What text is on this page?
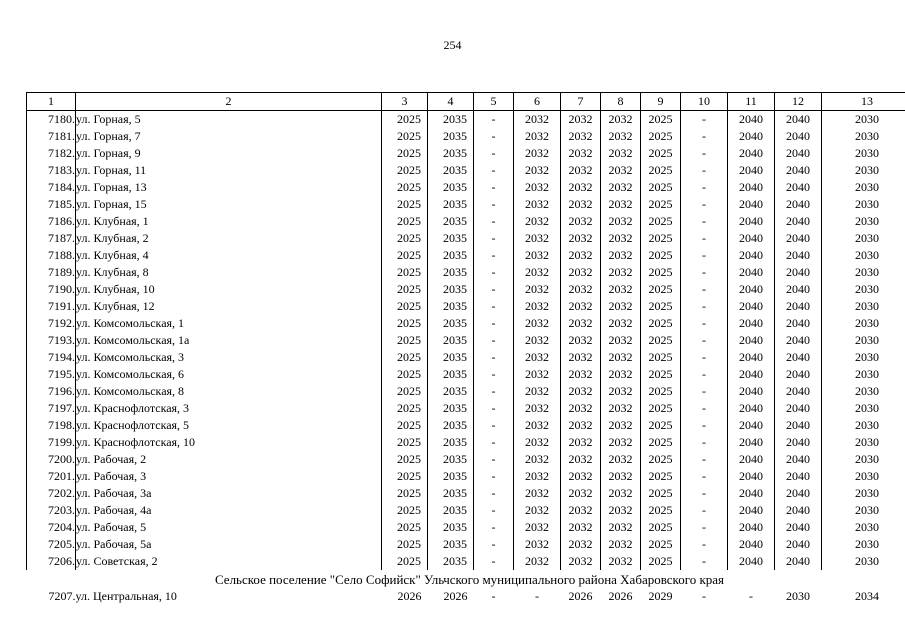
254
1	2	3	4	5	6	7	8	9	10	11	12	13
7180.	ул. Горная, 5	2025	2035	-	2032	2032	2032	2025	-	2040	2040	2030
7181.	ул. Горная, 7	2025	2035	-	2032	2032	2032	2025	-	2040	2040	2030
7182.	ул. Горная, 9	2025	2035	-	2032	2032	2032	2025	-	2040	2040	2030
7183.	ул. Горная, 11	2025	2035	-	2032	2032	2032	2025	-	2040	2040	2030
7184.	ул. Горная, 13	2025	2035	-	2032	2032	2032	2025	-	2040	2040	2030
7185.	ул. Горная, 15	2025	2035	-	2032	2032	2032	2025	-	2040	2040	2030
7186.	ул. Клубная, 1	2025	2035	-	2032	2032	2032	2025	-	2040	2040	2030
7187.	ул. Клубная, 2	2025	2035	-	2032	2032	2032	2025	-	2040	2040	2030
7188.	ул. Клубная, 4	2025	2035	-	2032	2032	2032	2025	-	2040	2040	2030
7189.	ул. Клубная, 8	2025	2035	-	2032	2032	2032	2025	-	2040	2040	2030
7190.	ул. Клубная, 10	2025	2035	-	2032	2032	2032	2025	-	2040	2040	2030
7191.	ул. Клубная, 12	2025	2035	-	2032	2032	2032	2025	-	2040	2040	2030
7192.	ул. Комсомольская, 1	2025	2035	-	2032	2032	2032	2025	-	2040	2040	2030
7193.	ул. Комсомольская, 1а	2025	2035	-	2032	2032	2032	2025	-	2040	2040	2030
7194.	ул. Комсомольская, 3	2025	2035	-	2032	2032	2032	2025	-	2040	2040	2030
7195.	ул. Комсомольская, 6	2025	2035	-	2032	2032	2032	2025	-	2040	2040	2030
7196.	ул. Комсомольская, 8	2025	2035	-	2032	2032	2032	2025	-	2040	2040	2030
7197.	ул. Краснофлотская, 3	2025	2035	-	2032	2032	2032	2025	-	2040	2040	2030
7198.	ул. Краснофлотская, 5	2025	2035	-	2032	2032	2032	2025	-	2040	2040	2030
7199.	ул. Краснофлотская, 10	2025	2035	-	2032	2032	2032	2025	-	2040	2040	2030
7200.	ул. Рабочая, 2	2025	2035	-	2032	2032	2032	2025	-	2040	2040	2030
7201.	ул. Рабочая, 3	2025	2035	-	2032	2032	2032	2025	-	2040	2040	2030
7202.	ул. Рабочая, 3а	2025	2035	-	2032	2032	2032	2025	-	2040	2040	2030
7203.	ул. Рабочая, 4а	2025	2035	-	2032	2032	2032	2025	-	2040	2040	2030
7204.	ул. Рабочая, 5	2025	2035	-	2032	2032	2032	2025	-	2040	2040	2030
7205.	ул. Рабочая, 5а	2025	2035	-	2032	2032	2032	2025	-	2040	2040	2030
7206.	ул. Советская, 2	2025	2035	-	2032	2032	2032	2025	-	2040	2040	2030
Сельское поселение "Село Софийск" Ульчского муниципального района Хабаровского края												
7207.	ул. Центральная, 10	2026	2026	-	-	2026	2026	2029	-	-	2030	2034
